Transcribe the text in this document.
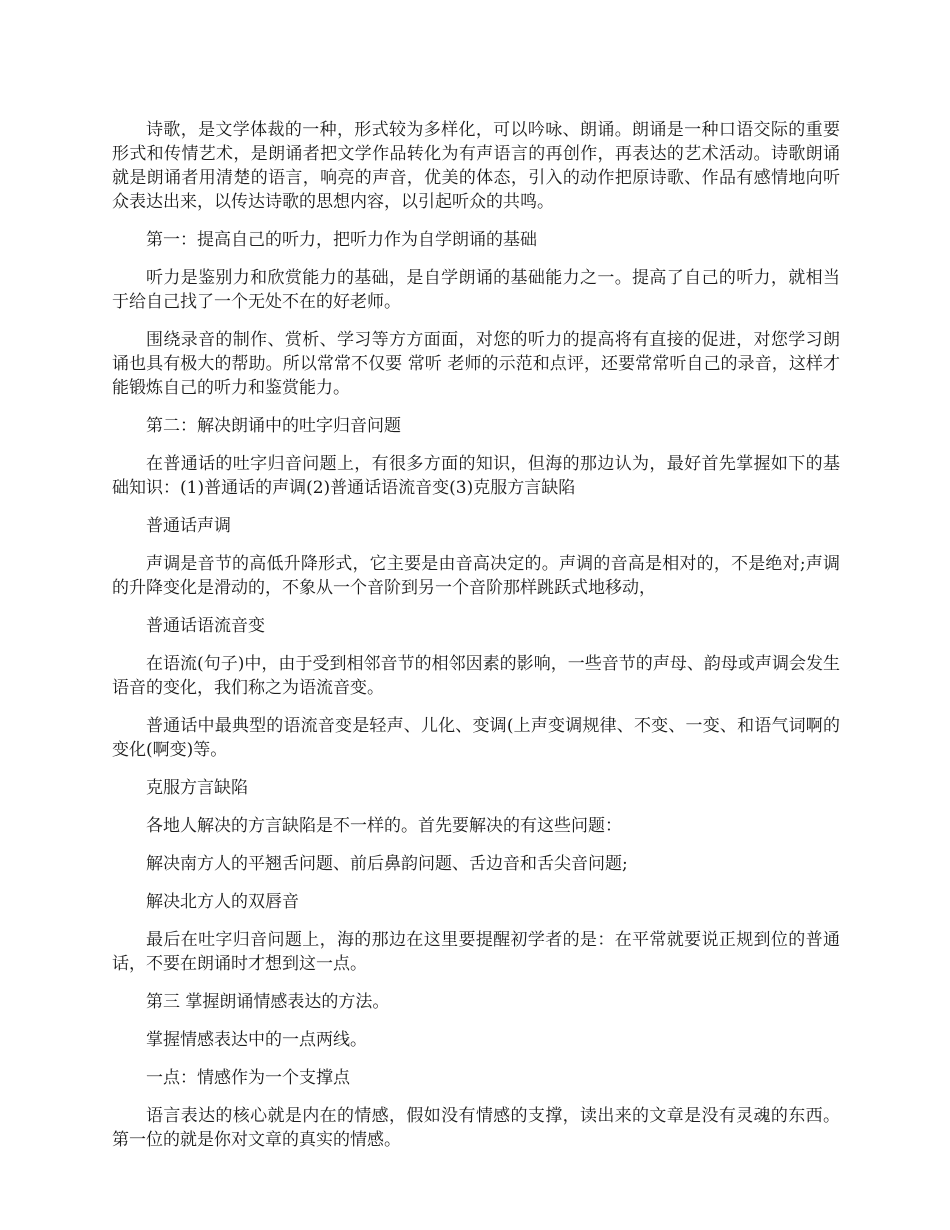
诗歌，是文学体裁的一种，形式较为多样化，可以吟咏、朗诵。朗诵是一种口语交际的重要形式和传情艺术，是朗诵者把文学作品转化为有声语言的再创作，再表达的艺术活动。诗歌朗诵就是朗诵者用清楚的语言，响亮的声音，优美的体态，引入的动作把原诗歌、作品有感情地向听众表达出来，以传达诗歌的思想内容，以引起听众的共鸣。

第一：提高自己的听力，把听力作为自学朗诵的基础

听力是鉴别力和欣赏能力的基础，是自学朗诵的基础能力之一。提高了自己的听力，就相当于给自己找了一个无处不在的好老师。

围绕录音的制作、赏析、学习等方方面面，对您的听力的提高将有直接的促进，对您学习朗诵也具有极大的帮助。所以常常不仅要 常听 老师的示范和点评，还要常常听自己的录音，这样才能锻炼自己的听力和鉴赏能力。

第二：解决朗诵中的吐字归音问题

在普通话的吐字归音问题上，有很多方面的知识，但海的那边认为，最好首先掌握如下的基础知识：(1)普通话的声调(2)普通话语流音变(3)克服方言缺陷

普通话声调

声调是音节的高低升降形式，它主要是由音高决定的。声调的音高是相对的，不是绝对;声调的升降变化是滑动的，不象从一个音阶到另一个音阶那样跳跃式地移动，

普通话语流音变

在语流(句子)中，由于受到相邻音节的相邻因素的影响，一些音节的声母、韵母或声调会发生语音的变化，我们称之为语流音变。

普通话中最典型的语流音变是轻声、儿化、变调(上声变调规律、不变、一变、和语气词啊的变化(啊变)等。

克服方言缺陷

各地人解决的方言缺陷是不一样的。首先要解决的有这些问题：

解决南方人的平翘舌问题、前后鼻韵问题、舌边音和舌尖音问题;

解决北方人的双唇音

最后在吐字归音问题上，海的那边在这里要提醒初学者的是：在平常就要说正规到位的普通话，不要在朗诵时才想到这一点。

第三 掌握朗诵情感表达的方法。

掌握情感表达中的一点两线。

一点：情感作为一个支撑点

语言表达的核心就是内在的情感，假如没有情感的支撑，读出来的文章是没有灵魂的东西。第一位的就是你对文章的真实的情感。
